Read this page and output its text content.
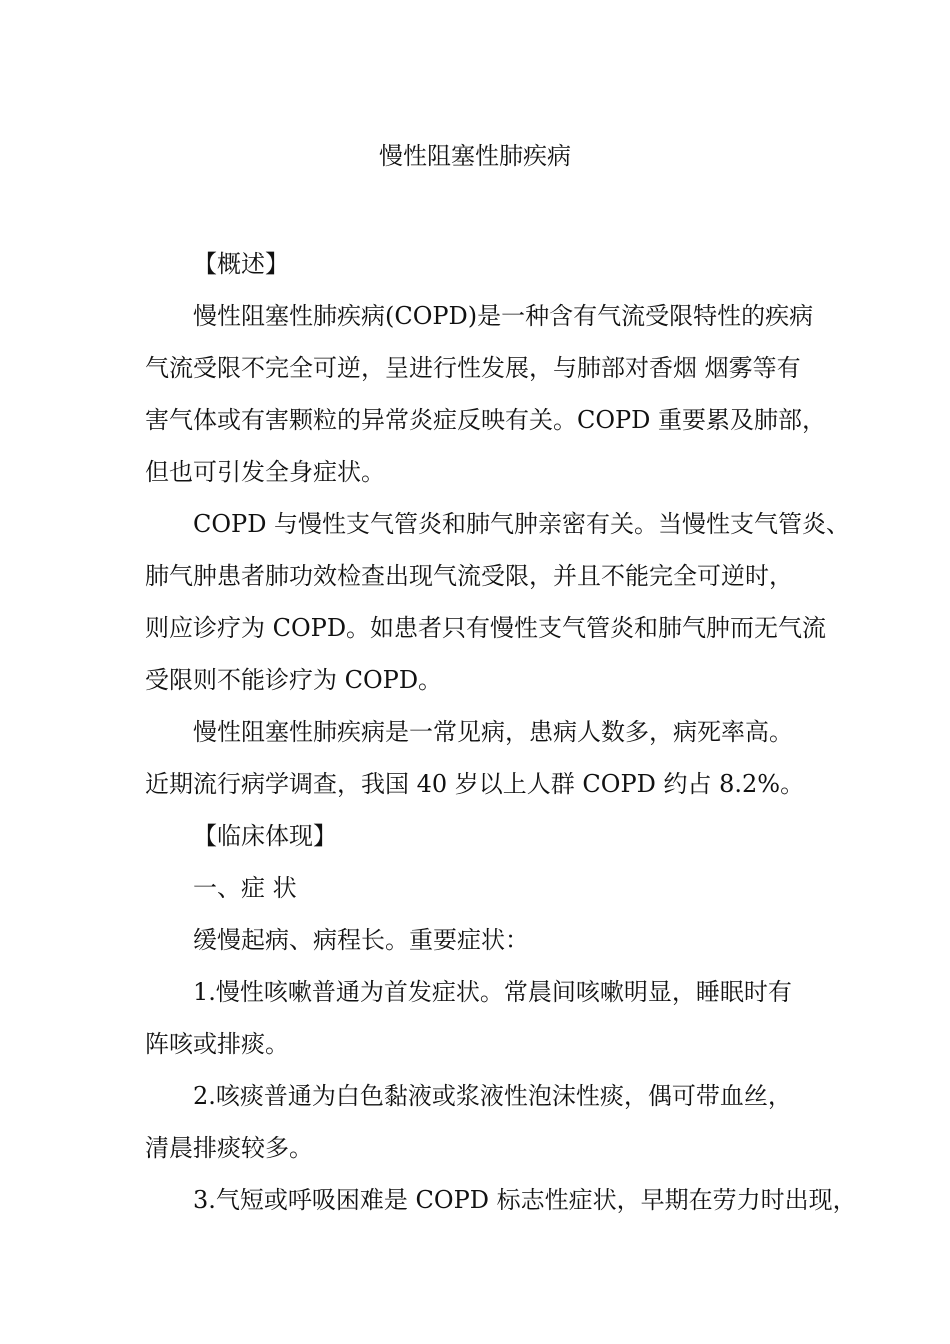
慢性阻塞性肺疾病
【概述】
慢性阻塞性肺疾病(COPD)是一种含有气流受限特性的疾病
气流受限不完全可逆，呈进行性发展，与肺部对香烟 烟雾等有
害气体或有害颗粒的异常炎症反映有关。COPD 重要累及肺部，
但也可引发全身症状。
COPD 与慢性支气管炎和肺气肿亲密有关。当慢性支气管炎、
肺气肿患者肺功效检查出现气流受限，并且不能完全可逆时，
则应诊疗为 COPD。如患者只有慢性支气管炎和肺气肿而无气流
受限则不能诊疗为 COPD。
慢性阻塞性肺疾病是一常见病，患病人数多，病死率高。
近期流行病学调查，我国 40 岁以上人群 COPD 约占 8.2%。
【临床体现】
一、症 状
缓慢起病、病程长。重要症状：
1.慢性咳嗽普通为首发症状。常晨间咳嗽明显，睡眠时有
阵咳或排痰。
2.咳痰普通为白色黏液或浆液性泡沫性痰，偶可带血丝，
清晨排痰较多。
3.气短或呼吸困难是 COPD 标志性症状，早期在劳力时出现，
